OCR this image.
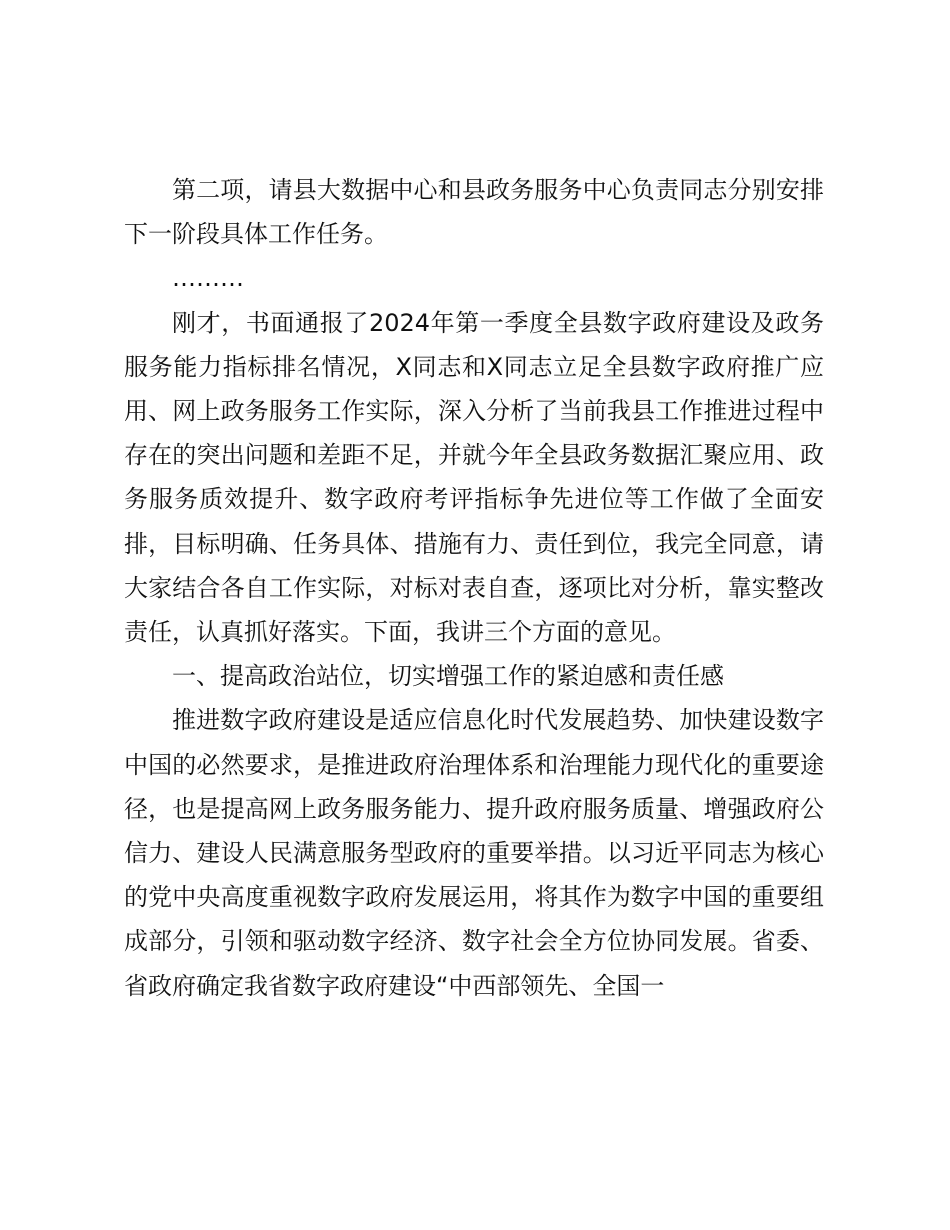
第二项，请县大数据中心和县政务服务中心负责同志分别安排下一阶段具体工作任务。

………

刚才，书面通报了2024年第一季度全县数字政府建设及政务服务能力指标排名情况，X同志和X同志立足全县数字政府推广应用、网上政务服务工作实际，深入分析了当前我县工作推进过程中存在的突出问题和差距不足，并就今年全县政务数据汇聚应用、政务服务质效提升、数字政府考评指标争先进位等工作做了全面安排，目标明确、任务具体、措施有力、责任到位，我完全同意，请大家结合各自工作实际，对标对表自查，逐项比对分析，靠实整改责任，认真抓好落实。下面，我讲三个方面的意见。

一、提高政治站位，切实增强工作的紧迫感和责任感

推进数字政府建设是适应信息化时代发展趋势、加快建设数字中国的必然要求，是推进政府治理体系和治理能力现代化的重要途径，也是提高网上政务服务能力、提升政府服务质量、增强政府公信力、建设人民满意服务型政府的重要举措。以习近平同志为核心的党中央高度重视数字政府发展运用，将其作为数字中国的重要组成部分，引领和驱动数字经济、数字社会全方位协同发展。省委、省政府确定我省数字政府建设“中西部领先、全国一
